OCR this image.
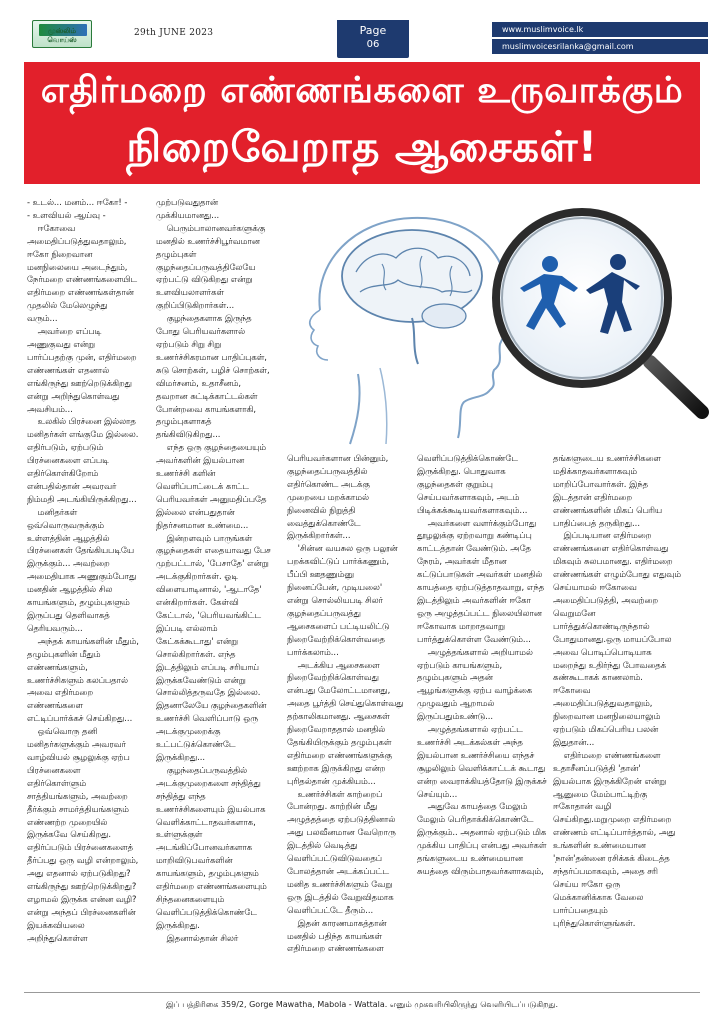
முஸ்லிம் வொய்ஸ்
29th JUNE 2023	Page
06
www.muslimvoice.lk
muslimvoicesrilanka@gmail.com
எதிர்மறை எண்ணங்களை உருவாக்கும்
நிறைவேறாத ஆசைகள்!

- உடல்... மனம்... ஈகோ! -
- உளவியல் ஆய்வு -
ஈகோவை அமைதிப்படுத்துவதாலும், ஈகோ நிறைவான மனநிலையை அடைந்தும், நேர்மறை எண்ணங்களையிட எதிர்மறை எண்ணங்கள்தான் முதலில் மேலெழுந்து வரும்...
அவர்றை எப்படி அணுகுவது என்று பார்ப்பதற்கு முன், எதிர்மறை எண்ணங்கள் எதனால் எங்கிருந்து ஊற்றெடுக்கிறது என்று அறிந்துகொள்வது அவசியம்...
உலகில் பிரச்னை இல்லாத மனிதர்கள் எங்குமே இல்லை. எதிர்படும், ஏற்படும் பிரச்னைகளை எப்படி எதிர்கொள்கிறோம் என்பதில்தான் அவரவர் நிம்மதி அடங்கியிருக்கிறது...
மனிதர்கள் ஒவ்வொருவருக்கும் உள்ளத்தின் ஆழத்தில் பிரச்னைகள் தேங்கியபடியே இருக்கும்... அவற்றை அமைதியாக அணுகும்போது மனதின் ஆழத்தில் சில காயங்களும், தழும்புகளும் இருப்பது தெளிவாகத் தெரியவரும்...
அந்தக் காயங்களின் மீதும், தழும்புகளின் மீதும் எண்ணங்களும், உணர்ச்சிகளும் கலப்பதால் அவை எதிர்மறை எண்ணங்களை எட்டிப்பார்க்கச் செய்கிறது...
ஒவ்வொரு தனி மனிதர்களுக்கும் அவரவர் வாழ்வியல் சூழலுக்கு ஏற்ப பிரச்னைகளை எதிர்கொள்ளும் சாத்தியங்களும், அவற்றை தீர்க்கும் சாமர்த்தியங்களும் எண்ணற்ற முறையில் இருக்கவே செய்கிறது. எதிர்ப்படும் பிரச்னைகளைத் தீர்ப்பது ஒரு வழி என்றாலும், அது எதனால் ஏற்படுகிறது? எங்கிருந்து ஊற்றெடுக்கிறது? எழாமல் இருக்க என்ன வழி? என்று அந்தப் பிரச்னைகளின் இயக்கவியலை அறிந்துகொள்ள

முற்படுவதுதான் முக்கியமானது...
பெரும்பாலானவர்களுக்கு மனதில் உணர்ச்சிபூர்வமான தழும்புகள் குழந்தைப்பருவத்திலேயே ஏற்பட்டு விடுகிறது என்று உளவியலாளர்கள் குறிப்பிடுகிறார்கள்...
குழந்தைகளாக இருந்த போது பெரியவர்களால் ஏற்படும் சிறு சிறு உணர்ச்சிகரமான பாதிப்புகள், சுடு சொற்கள், பழிச் சொற்கள், விமர்சனம், உதாசீனம், தவறான சுட்டிக்காட்டல்கள் போன்றவை காயங்களாகி, தழும்புகளாகத் தங்கிவிடுகிறது...
எந்த ஒரு குழந்தையையும் அவர்களின் இயல்பான உணர்ச்சி களின் வெளிப்பாட்டைக் காட்ட பெரியவர்கள் அனுமதிப்பதே இல்லை என்பதுதான் நிதர்சனமான உண்மை...
இன்றளவும் பாருங்கள் குழந்தைகள் எதையாவது பேச முற்பட்டால், 'பேசாதே' என்று அடக்குகிறார்கள். ஓடி விளையாடினால், 'ஆடாதே' என்கிறார்கள். கேள்வி கேட்டால், 'பெரியவங்கிட்ட இப்படி எல்லாம் கேட்கக்கூடாது' என்று சொல்கிறார்கள். எந்த இடத்திலும் எப்படி சரியாய் இருக்கவேண்டும் என்று சொல்லித்தருவதே இல்லை. இதனாலேயே குழந்தைகளின் உணர்ச்சி வெளிப்பாடு ஒரு அடக்குமுறைக்கு உட்பட்டுக்கொண்டே இருக்கிறது...
குழந்தைப்பருவத்தில் அடக்குமுறைகளை சந்தித்து சந்தித்து எந்த உணர்ச்சிகளையும் இயல்பாக வெளிக்காட்டாதவர்களாக, உள்ளுக்குள் அடங்கிப்போனவர்களாக மாறிவிடுபவர்களின் காயங்களும், தழும்புகளும் எதிர்மறை எண்ணங்களையும் சிந்தனைகளையும் வெளிப்படுத்திக்கொண்டே இருக்கிறது.
இதனால்தான் சிலர்

பெரியவர்களான பின்னும், குழந்தைப்பருவத்தில் எதிர்கொண்ட அடக்கு முறையை மறக்காமல் நினைவில் நிறுத்தி வைத்துக்கொண்டே இருக்கிறார்கள்...
'சின்ன வயசுல ஒரு பலூன் பறக்கவிட்டுப் பார்க்கணும், பீப்பி ஊதணும்னு நினைப்பேன், முடியலை' என்று சொல்லியபடி சிலர் குழந்தைப்பருவத்து ஆசைகளைப் பட்டியலிட்டு நிறைவேற்றிக்கொள்வதை பார்க்கலாம்...
அடக்கிய ஆசைகளை நிறைவேற்றிக்கொள்வது என்பது மேலோட்டமானது, அதை பூர்த்தி செய்துகொள்வது தற்காலிகமானது. ஆசைகள் நிறைவேறாததால் மனதில் தேங்கியிருக்கும் தழும்புகள் எதிர்மறை எண்ணங்களுக்கு ஊற்றாக இருக்கிறது என்ற புரிதல்தான் முக்கியம்...
உணர்ச்சிகள் காற்றைப் போன்றது. காற்றின் மீது அழுத்தத்தை ஏற்படுத்தினால் அது பலவீனமான வேறொரு இடத்தில் வெடித்து வெளிப்பட்டுவிடுவதைப் போலத்தான் அடக்கப்பட்ட மனித உணர்ச்சிகளும் வேறு ஒரு இடத்தில் வேறுவிதமாக வெளிப்பட்டே தீரும்...
இதன் காரணமாகத்தான் மனதில் பதிந்த காயங்கள் எதிர்மறை எண்ணங்களை

வெளிப்படுத்திக்கொண்டே இருக்கிறது. பொதுவாக குழந்தைகள் குறும்பு செய்பவர்களாகவும், அடம் பிடிக்கக்கூடியவர்களாகவும்...
அவர்களை வளர்க்கும்போது தூழலுக்கு ஏற்றவாறு கண்டிப்பு காட்டத்தான் வேண்டும். அதே நேரம், அவர்கள் மீதான கட்டுப்பாடுகள் அவர்கள் மனதில் காயத்தை ஏற்படுத்தாதவாறு, எந்த இடத்திலும் அவர்களின் ஈகோ ஒரு அழுத்தப்பட்ட நிலையிலான ஈகோவாக மாறாதவாறு பார்த்துக்கொள்ள வேண்டும்...
அழுத்தங்களால் அறியாமல் ஏற்படும் காயங்களும், தழும்புகளும் அதன் ஆழங்களுக்கு ஏற்ப வாழ்க்கை முழுவதும் ஆறாமல் இருப்பதும்உண்டு...
அழுத்தங்களால் ஏற்பட்ட உணர்ச்சி அடக்கல்கள் அந்த இயல்பான உணர்ச்சியை எந்தச் சூழலிலும் வெளிக்காட்டக் கூடாது என்ற வைராக்கியத்தோடு இருக்கச் செய்யும்...
அதுவே காயத்தை மேலும் மேலும் பெரிதாக்கிக்கொண்டே இருக்கும்.. அதனால் ஏற்படும் மிக முக்கிய பாதிப்பு என்பது அவர்கள் தங்களுடைய உண்மையான சுயத்தை விரும்பாதவர்களாகவும்,

தங்களுடைய உணர்ச்சிகளை மதிக்காதவர்களாகவும் மாறிப்போவார்கள். இந்த இடத்தான் எதிர்மறை எண்ணங்களின் மிகப் பெரிய பாதிப்பைத் தருகிறது...
இப்படியான எதிர்மறை எண்ணங்களை எதிர்கொள்வது மிகவும் சுலபமானது. எதிர்மறை எண்ணங்கள் எழும்போது எதுவும் செய்யாமல் ஈகோவை அமைதிப்படுத்தி, அவற்றை வெறுமனே பார்த்துக்கொண்டிருந்தால் போதுமானது.ஒரு மாயப்போல அவை பொடிப்பொடியாக மறைந்து உதிர்ந்து போவதைக் கண்கூடாகக் காணலாம். ஈகோவை அமைதிப்படுத்துவதாலும், நிறைவான மனநிலையாலும் ஏற்படும் மிகப்பெரிய பலன் இதுதான்...
எதிர்மறை எண்ணங்களை உதாசீனப்படுத்தி 'தான்' இயல்பாக இருக்கிறேன் என்று ஆனுமை மேம்பாட்டிற்கு ஈகோதான் வழி செய்கிறது.மறுமுறை எதிர்மறை எண்ணம் எட்டிப்பார்த்தால், அது உங்களின் உண்மையான 'நான்'தன்னை ரசிக்கக் கிடைத்த சந்தர்ப்பமாகவும், அதை சரி செய்ய ஈகோ ஒரு மெக்கானிக்காக வேலை பார்ப்பதையும் புரிந்துகொள்ளுங்கள்.

இப் பத்திரிகை 359/2, Gorge Mawatha, Mabola - Wattala. எனும் முகவரியிலிருந்து வெளியிடப்படுகிறது.
